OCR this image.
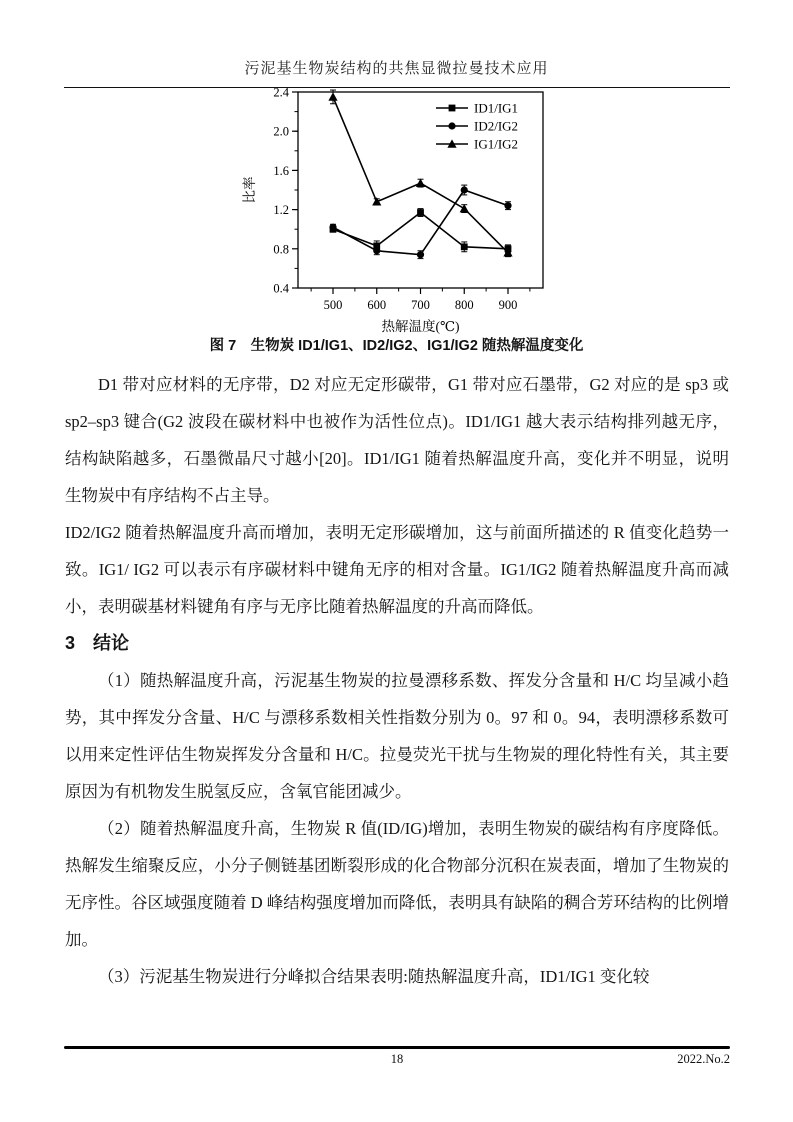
污泥基生物炭结构的共焦显微拉曼技术应用
0.4
0.8
1.2
1.6
2.0
2.4
500 600 700 800 900
热解温度(℃)
比率
ID1/IG1
ID2/IG2
IG1/IG2
图 7　生物炭 ID1/IG1、ID2/IG2、IG1/IG2 随热解温度变化

D1 带对应材料的无序带，D2 对应无定形碳带，G1 带对应石墨带，G2 对应的是 sp3 或 sp2–sp3 键合(G2 波段在碳材料中也被作为活性位点)。ID1/IG1 越大表示结构排列越无序，结构缺陷越多，石墨微晶尺寸越小[20]。ID1/IG1 随着热解温度升高，变化并不明显，说明生物炭中有序结构不占主导。

ID2/IG2 随着热解温度升高而增加，表明无定形碳增加，这与前面所描述的 R 值变化趋势一致。IG1/ IG2 可以表示有序碳材料中键角无序的相对含量。IG1/IG2 随着热解温度升高而减小，表明碳基材料键角有序与无序比随着热解温度的升高而降低。

3 结论

（1）随热解温度升高，污泥基生物炭的拉曼漂移系数、挥发分含量和 H/C 均呈减小趋势，其中挥发分含量、H/C 与漂移系数相关性指数分别为 0。97 和 0。94，表明漂移系数可以用来定性评估生物炭挥发分含量和 H/C。拉曼荧光干扰与生物炭的理化特性有关，其主要原因为有机物发生脱氢反应，含氧官能团减少。

（2）随着热解温度升高，生物炭 R 值(ID/IG)增加，表明生物炭的碳结构有序度降低。热解发生缩聚反应，小分子侧链基团断裂形成的化合物部分沉积在炭表面，增加了生物炭的无序性。谷区域强度随着 D 峰结构强度增加而降低，表明具有缺陷的稠合芳环结构的比例增加。

（3）污泥基生物炭进行分峰拟合结果表明:随热解温度升高，ID1/IG1 变化较

18	2022.No.2
